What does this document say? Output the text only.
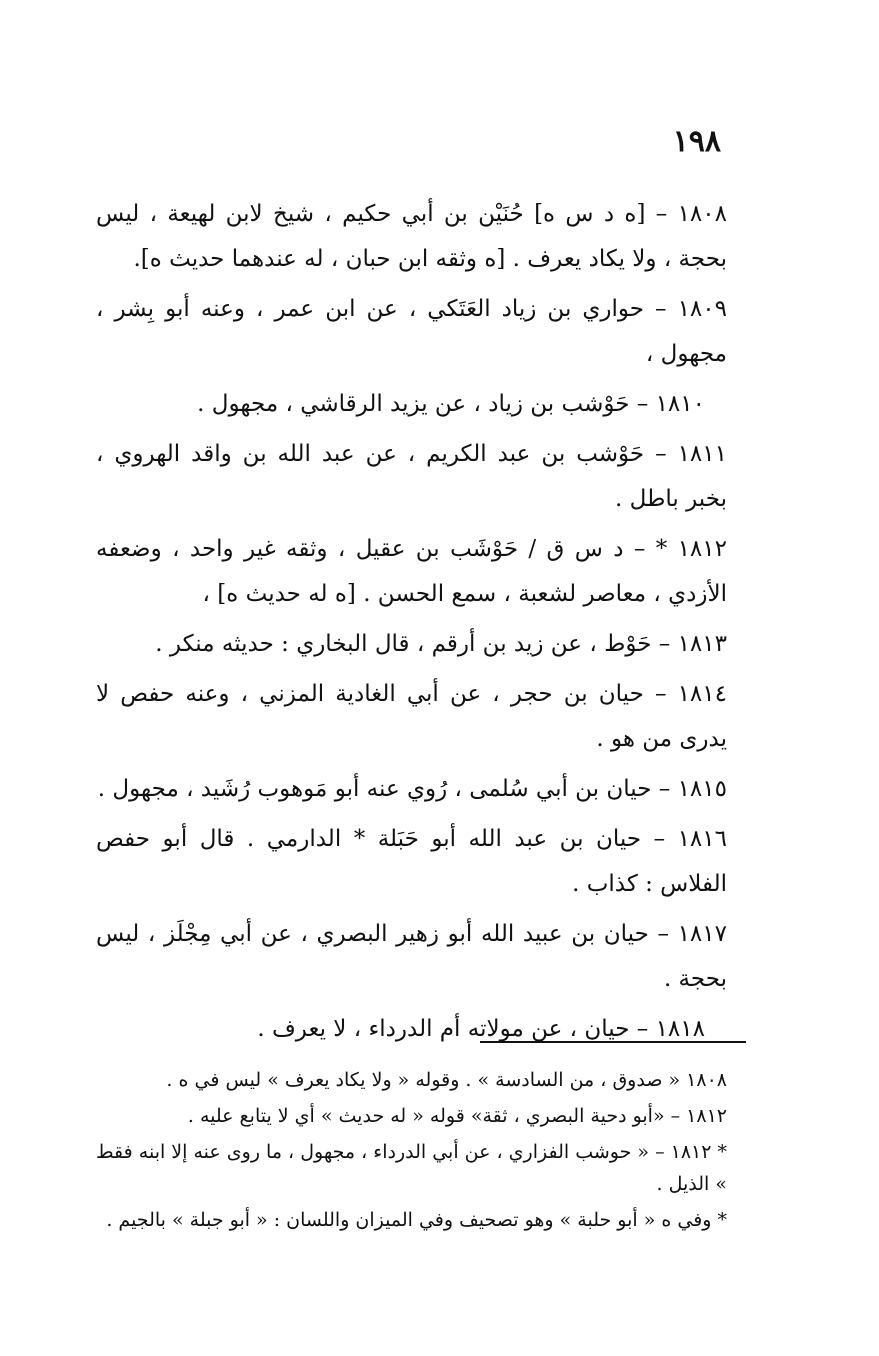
١٩٨

١٨٠٨ – [ه د س ه] حُنَيْن بن أبي حكيم ، شيخ لابن لهيعة ، ليس بحجة ، ولا يكاد يعرف . [ه وثقه ابن حبان ، له عندهما حديث ه].

١٨٠٩ – حواري بن زياد العَتَكي ، عن ابن عمر ، وعنه أبو بِشر ، مجهول ،

١٨١٠ – حَوْشب بن زياد ، عن يزيد الرقاشي ، مجهول .

١٨١١ – حَوْشب بن عبد الكريم ، عن عبد الله بن واقد الهروي ، بخبر باطل .

١٨١٢ * – د س ق / حَوْشَب بن عقيل ، وثقه غير واحد ، وضعفه الأزدي ، معاصر لشعبة ، سمع الحسن . [ه له حديث ه] ،

١٨١٣ – حَوْط ، عن زيد بن أرقم ، قال البخاري : حديثه منكر .

١٨١٤ – حيان بن حجر ، عن أبي الغادية المزني ، وعنه حفص لا يدرى من هو .

١٨١٥ – حيان بن أبي سُلمى ، رُوي عنه أبو مَوهوب رُشَيد ، مجهول .

١٨١٦ – حيان بن عبد الله أبو حَبَلة * الدارمي . قال أبو حفص الفلاس : كذاب .

١٨١٧ – حيان بن عبيد الله أبو زهير البصري ، عن أبي مِجْلَز ، ليس بحجة .

١٨١٨ – حيان ، عن مولاته أم الدرداء ، لا يعرف .

١٨٠٨ « صدوق ، من السادسة » . وقوله « ولا يكاد يعرف » ليس في ه .

١٨١٢ – «أبو دحية البصري ، ثقة» قوله « له حديث » أي لا يتابع عليه .

* ١٨١٢ – « حوشب الفزاري ، عن أبي الدرداء ، مجهول ، ما روى عنه إلا ابنه فقط » الذيل .

* وفي ه « أبو حلبة » وهو تصحيف وفي الميزان واللسان : « أبو جبلة » بالجيم .
